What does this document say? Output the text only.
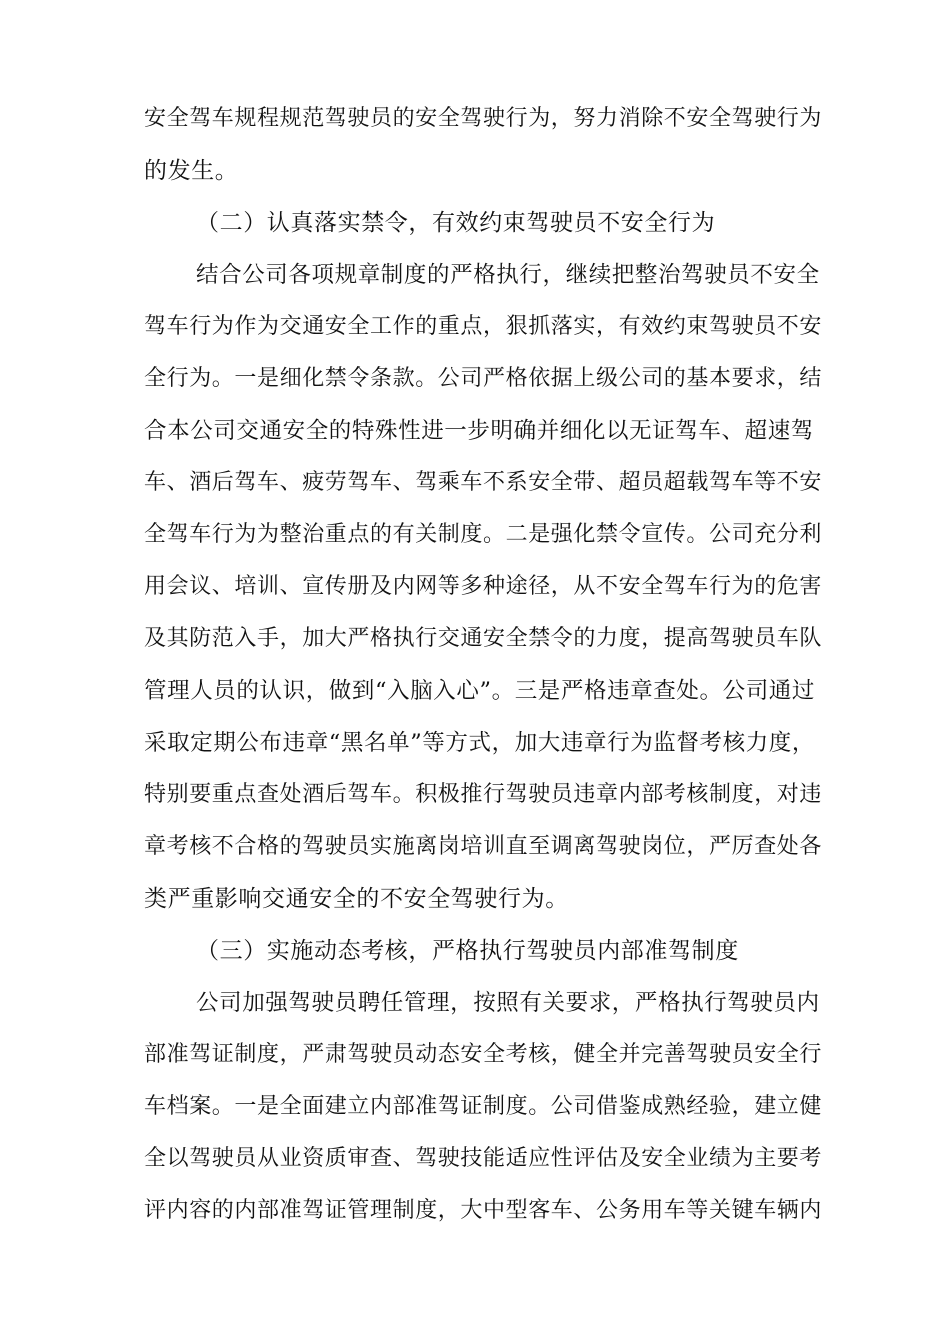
安全驾车规程规范驾驶员的安全驾驶行为，努力消除不安全驾驶行为
的发生。
（二）认真落实禁令，有效约束驾驶员不安全行为
结合公司各项规章制度的严格执行，继续把整治驾驶员不安全
驾车行为作为交通安全工作的重点，狠抓落实，有效约束驾驶员不安
全行为。一是细化禁令条款。公司严格依据上级公司的基本要求，结
合本公司交通安全的特殊性进一步明确并细化以无证驾车、超速驾
车、酒后驾车、疲劳驾车、驾乘车不系安全带、超员超载驾车等不安
全驾车行为为整治重点的有关制度。二是强化禁令宣传。公司充分利
用会议、培训、宣传册及内网等多种途径，从不安全驾车行为的危害
及其防范入手，加大严格执行交通安全禁令的力度，提高驾驶员车队
管理人员的认识，做到“入脑入心”。三是严格违章查处。公司通过
采取定期公布违章“黑名单”等方式，加大违章行为监督考核力度，
特别要重点查处酒后驾车。积极推行驾驶员违章内部考核制度，对违
章考核不合格的驾驶员实施离岗培训直至调离驾驶岗位，严厉查处各
类严重影响交通安全的不安全驾驶行为。
（三）实施动态考核，严格执行驾驶员内部准驾制度
公司加强驾驶员聘任管理，按照有关要求，严格执行驾驶员内
部准驾证制度，严肃驾驶员动态安全考核，健全并完善驾驶员安全行
车档案。一是全面建立内部准驾证制度。公司借鉴成熟经验，建立健
全以驾驶员从业资质审查、驾驶技能适应性评估及安全业绩为主要考
评内容的内部准驾证管理制度，大中型客车、公务用车等关键车辆内
